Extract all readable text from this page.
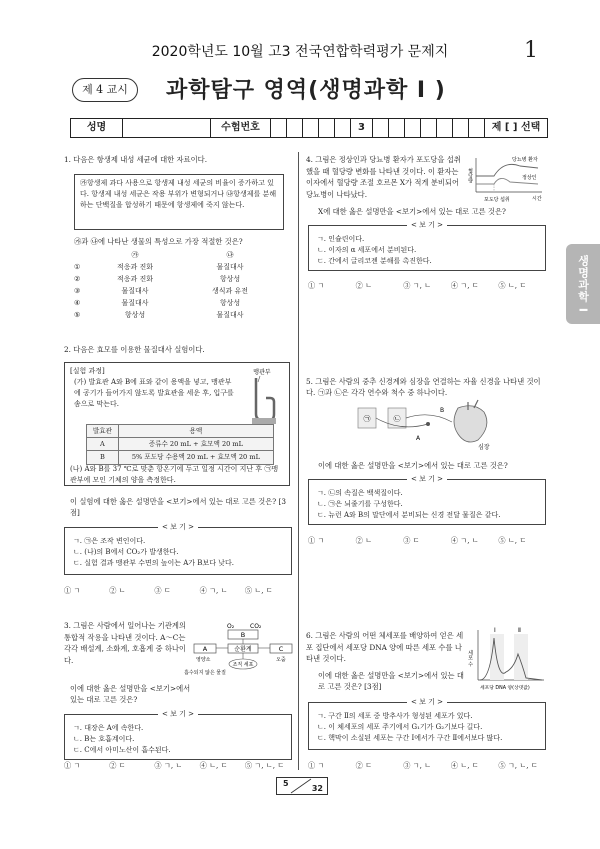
2020학년도 10월 고3 전국연합학력평가 문제지	1
제 4 교시	과학탐구 영역(생명과학 I )
성명	수험번호	3	제 [ ] 선택
생명과학 I
1. 다음은 항생제 내성 세균에 대한 자료이다.
㉮항생제 과다 사용으로 항생제 내성 세균의 비율이 증가하고 있다. 항생제 내성 세균은 작용 부위가 변형되거나 ㉯항생제를 분해하는 단백질을 합성하기 때문에 항생제에 죽지 않는다.
㉮과 ㉯에 나타난 생물의 특성으로 가장 적절한 것은?
	㉮	㉯
①	적응과 진화	물질대사
②	적응과 진화	항상성
③	물질대사	생식과 유전
④	물질대사	항상성
⑤	항상성	물질대사
2. 다음은 효모를 이용한 물질대사 실험이다.
[실험 과정]
(가) 발효관 A와 B에 표와 같이 용액을 넣고, 맹관부에 공기가 들어가지 않도록 발효관을 세운 후, 입구를 솜으로 막는다.
맹관부
발효관	용액
A	증류수 20 mL + 효모액 20 mL
B	5% 포도당 수용액 20 mL + 효모액 20 mL
(나) A와 B를 37 ℃로 맞춘 항온기에 두고 일정 시간이 지난 후 ㉠맹관부에 모인 기체의 양을 측정한다.
이 실험에 대한 옳은 설명만을 <보기>에서 있는 대로 고른 것은? [3점]
< 보 기 >
ㄱ. ㉠은 조작 변인이다.
ㄴ. (나)의 B에서 CO₂가 발생한다.
ㄷ. 실험 결과 맹관부 수면의 높이는 A가 B보다 낮다.
① ㄱ	② ㄴ	③ ㄷ	④ ㄱ, ㄴ	⑤ ㄴ, ㄷ
3. 그림은 사람에서 일어나는 기관계의 통합적 작용을 나타낸 것이다. A～C는 각각 배설계, 소화계, 호흡계 중 하나이다.
O₂	CO₂
B
A	순환계	C
영양소
조직 세포
오줌
흡수되지 않은 물질
이에 대한 옳은 설명만을 <보기>에서 있는 대로 고른 것은?
< 보 기 >
ㄱ. 대장은 A에 속한다.
ㄴ. B는 호흡계이다.
ㄷ. C에서 아미노산이 흡수된다.
① ㄱ	② ㄷ	③ ㄱ, ㄴ	④ ㄴ, ㄷ	⑤ ㄱ, ㄴ, ㄷ
4. 그림은 정상인과 당뇨병 환자가 포도당을 섭취했을 때 혈당량 변화를 나타낸 것이다. 이 환자는 이자에서 혈당량 조절 호르몬 X가 적게 분비되어 당뇨병이 나타났다.
혈당량
당뇨병 환자
정상인
시간
포도당 섭취
X에 대한 옳은 설명만을 <보기>에서 있는 대로 고른 것은?
< 보 기 >
ㄱ. 인슐린이다.
ㄴ. 이자의 α 세포에서 분비된다.
ㄷ. 간에서 글리코젠 분해를 촉진한다.
① ㄱ	② ㄴ	③ ㄱ, ㄴ	④ ㄱ, ㄷ	⑤ ㄴ, ㄷ
5. 그림은 사람의 중추 신경계와 심장을 연결하는 자율 신경을 나타낸 것이다. ㉠과 ㉡은 각각 연수와 척수 중 하나이다.
㉠	㉡
A
B
심장
이에 대한 옳은 설명만을 <보기>에서 있는 대로 고른 것은?
< 보 기 >
ㄱ. ㉡의 속질은 백색질이다.
ㄴ. ㉠은 뇌줄기를 구성한다.
ㄷ. 뉴런 A와 B의 말단에서 분비되는 신경 전달 물질은 같다.
① ㄱ	② ㄴ	③ ㄷ	④ ㄱ, ㄴ	⑤ ㄴ, ㄷ
6. 그림은 사람의 어떤 체세포를 배양하여 얻은 세포 집단에서 세포당 DNA 양에 따른 세포 수를 나타낸 것이다.
Ⅰ	Ⅱ
세포 수
세포당 DNA 양(상댓값)
이에 대한 옳은 설명만을 <보기>에서 있는 대로 고른 것은? [3점]
< 보 기 >
ㄱ. 구간 Ⅱ의 세포 중 방추사가 형성된 세포가 있다.
ㄴ. 이 체세포의 세포 주기에서 G₁기가 G₂기보다 길다.
ㄷ. 핵막이 소실된 세포는 구간 Ⅰ에서가 구간 Ⅱ에서보다 많다.
① ㄱ	② ㄷ	③ ㄱ, ㄴ	④ ㄴ, ㄷ	⑤ ㄱ, ㄴ, ㄷ
5
32
